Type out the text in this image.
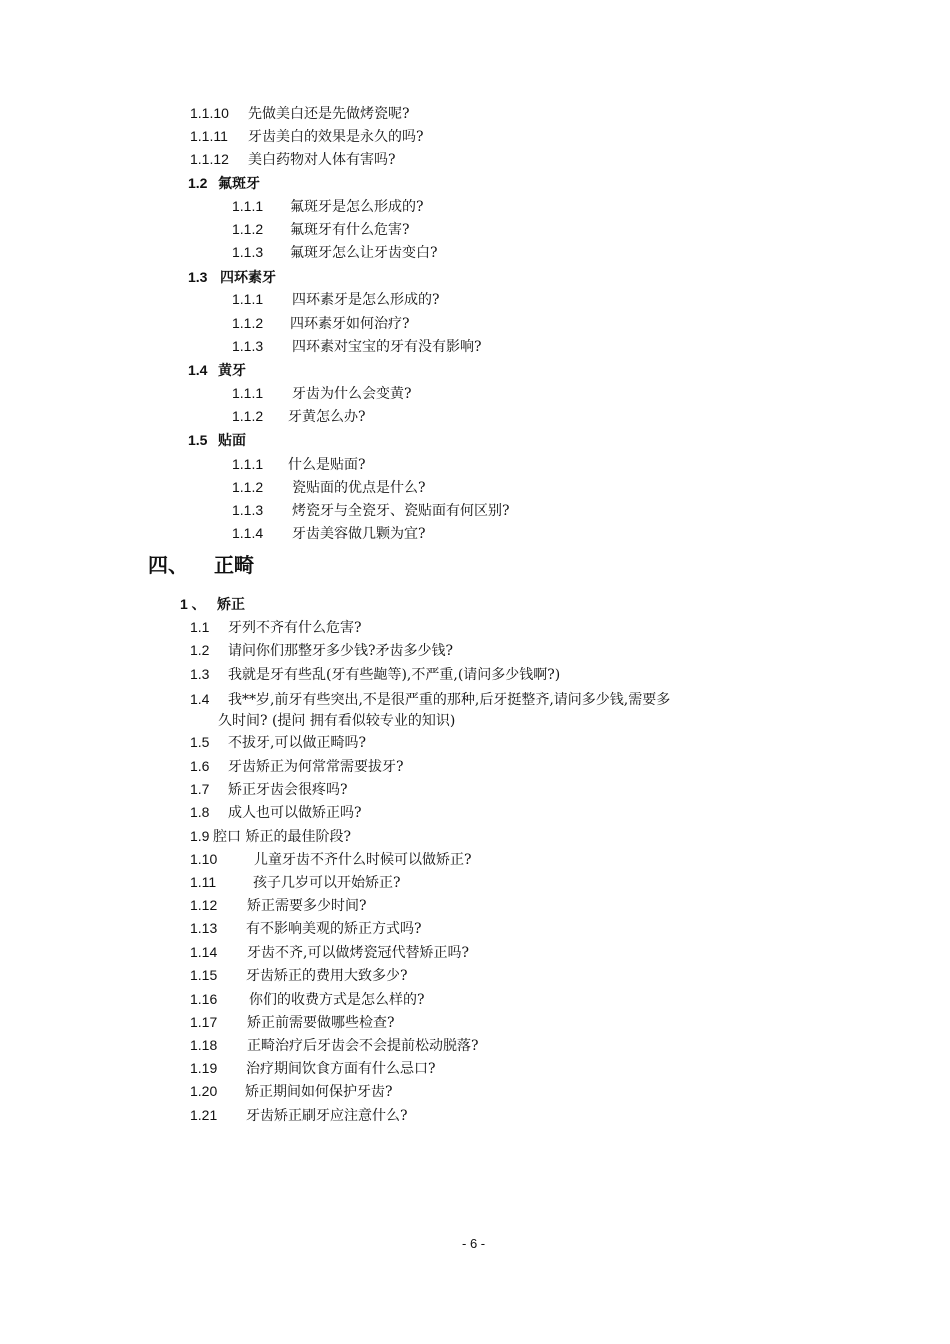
1.1.10 先做美白还是先做烤瓷呢?
1.1.11 牙齿美白的效果是永久的吗?
1.1.12 美白药物对人体有害吗?
1.2 氟斑牙
1.1.1 氟斑牙是怎么形成的?
1.1.2 氟斑牙有什么危害?
1.1.3 氟斑牙怎么让牙齿变白?
1.3 四环素牙
1.1.1 四环素牙是怎么形成的?
1.1.2 四环素牙如何治疗?
1.1.3 四环素对宝宝的牙有没有影响?
1.4 黄牙
1.1.1 牙齿为什么会变黄?
1.1.2 牙黄怎么办?
1.5 贴面
1.1.1 什么是贴面?
1.1.2 瓷贴面的优点是什么?
1.1.3 烤瓷牙与全瓷牙、瓷贴面有何区别?
1.1.4 牙齿美容做几颗为宜?
四、 正畸
1 、 矫正
1.1 牙列不齐有什么危害?
1.2 请问你们那整牙多少钱?矛齿多少钱?
1.3 我就是牙有些乱(牙有些龅等),不严重,(请问多少钱啊?)
1.4 我**岁,前牙有些突出,不是很严重的那种,后牙挺整齐,请问多少钱,需要多
久时间? (提问 拥有看似较专业的知识)
1.5 不拔牙,可以做正畸吗?
1.6 牙齿矫正为何常常需要拔牙?
1.7 矫正牙齿会很疼吗?
1.8 成人也可以做矫正吗?
1.9 腔口 矫正的最佳阶段?
1.10	儿童牙齿不齐什么时候可以做矫正?
1.11	孩子几岁可以开始矫正?
1.12 矫正需要多少时间?
1.13 有不影响美观的矫正方式吗?
1.14 牙齿不齐,可以做烤瓷冠代替矫正吗?
1.15 牙齿矫正的费用大致多少?
1.16 你们的收费方式是怎么样的?
1.17 矫正前需要做哪些检查?
1.18 正畸治疗后牙齿会不会提前松动脱落?
1.19 治疗期间饮食方面有什么忌口?
1.20 矫正期间如何保护牙齿?
1.21 牙齿矫正刷牙应注意什么?
- 6 -
